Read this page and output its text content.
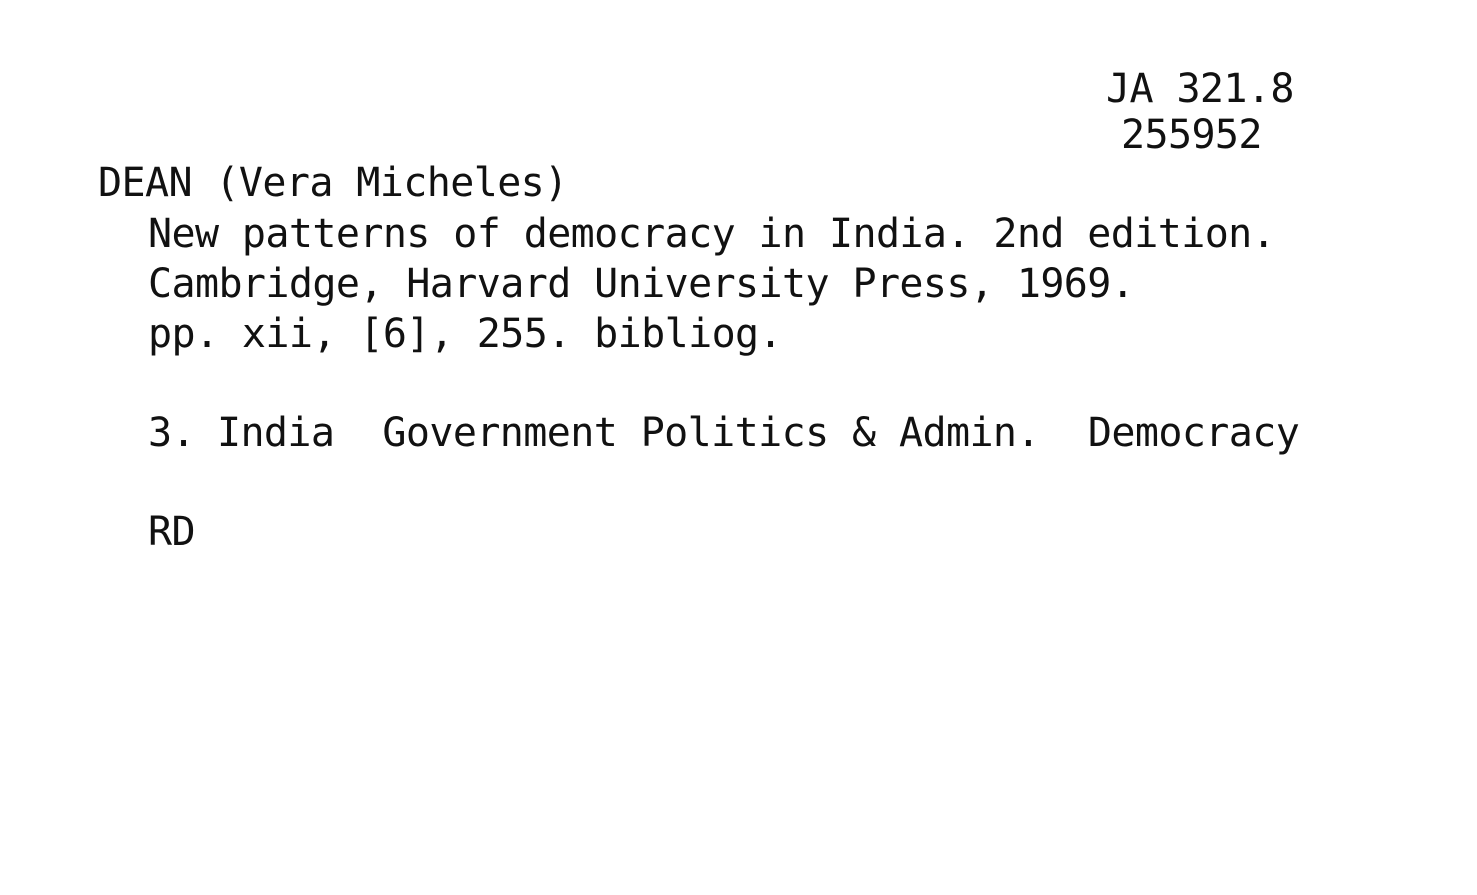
JA 321.8
255952
DEAN (Vera Micheles)
New patterns of democracy in India. 2nd edition.
Cambridge, Harvard University Press, 1969.
pp. xii, [6], 255. bibliog.
3. India Government Politics & Admin. Democracy
RD
